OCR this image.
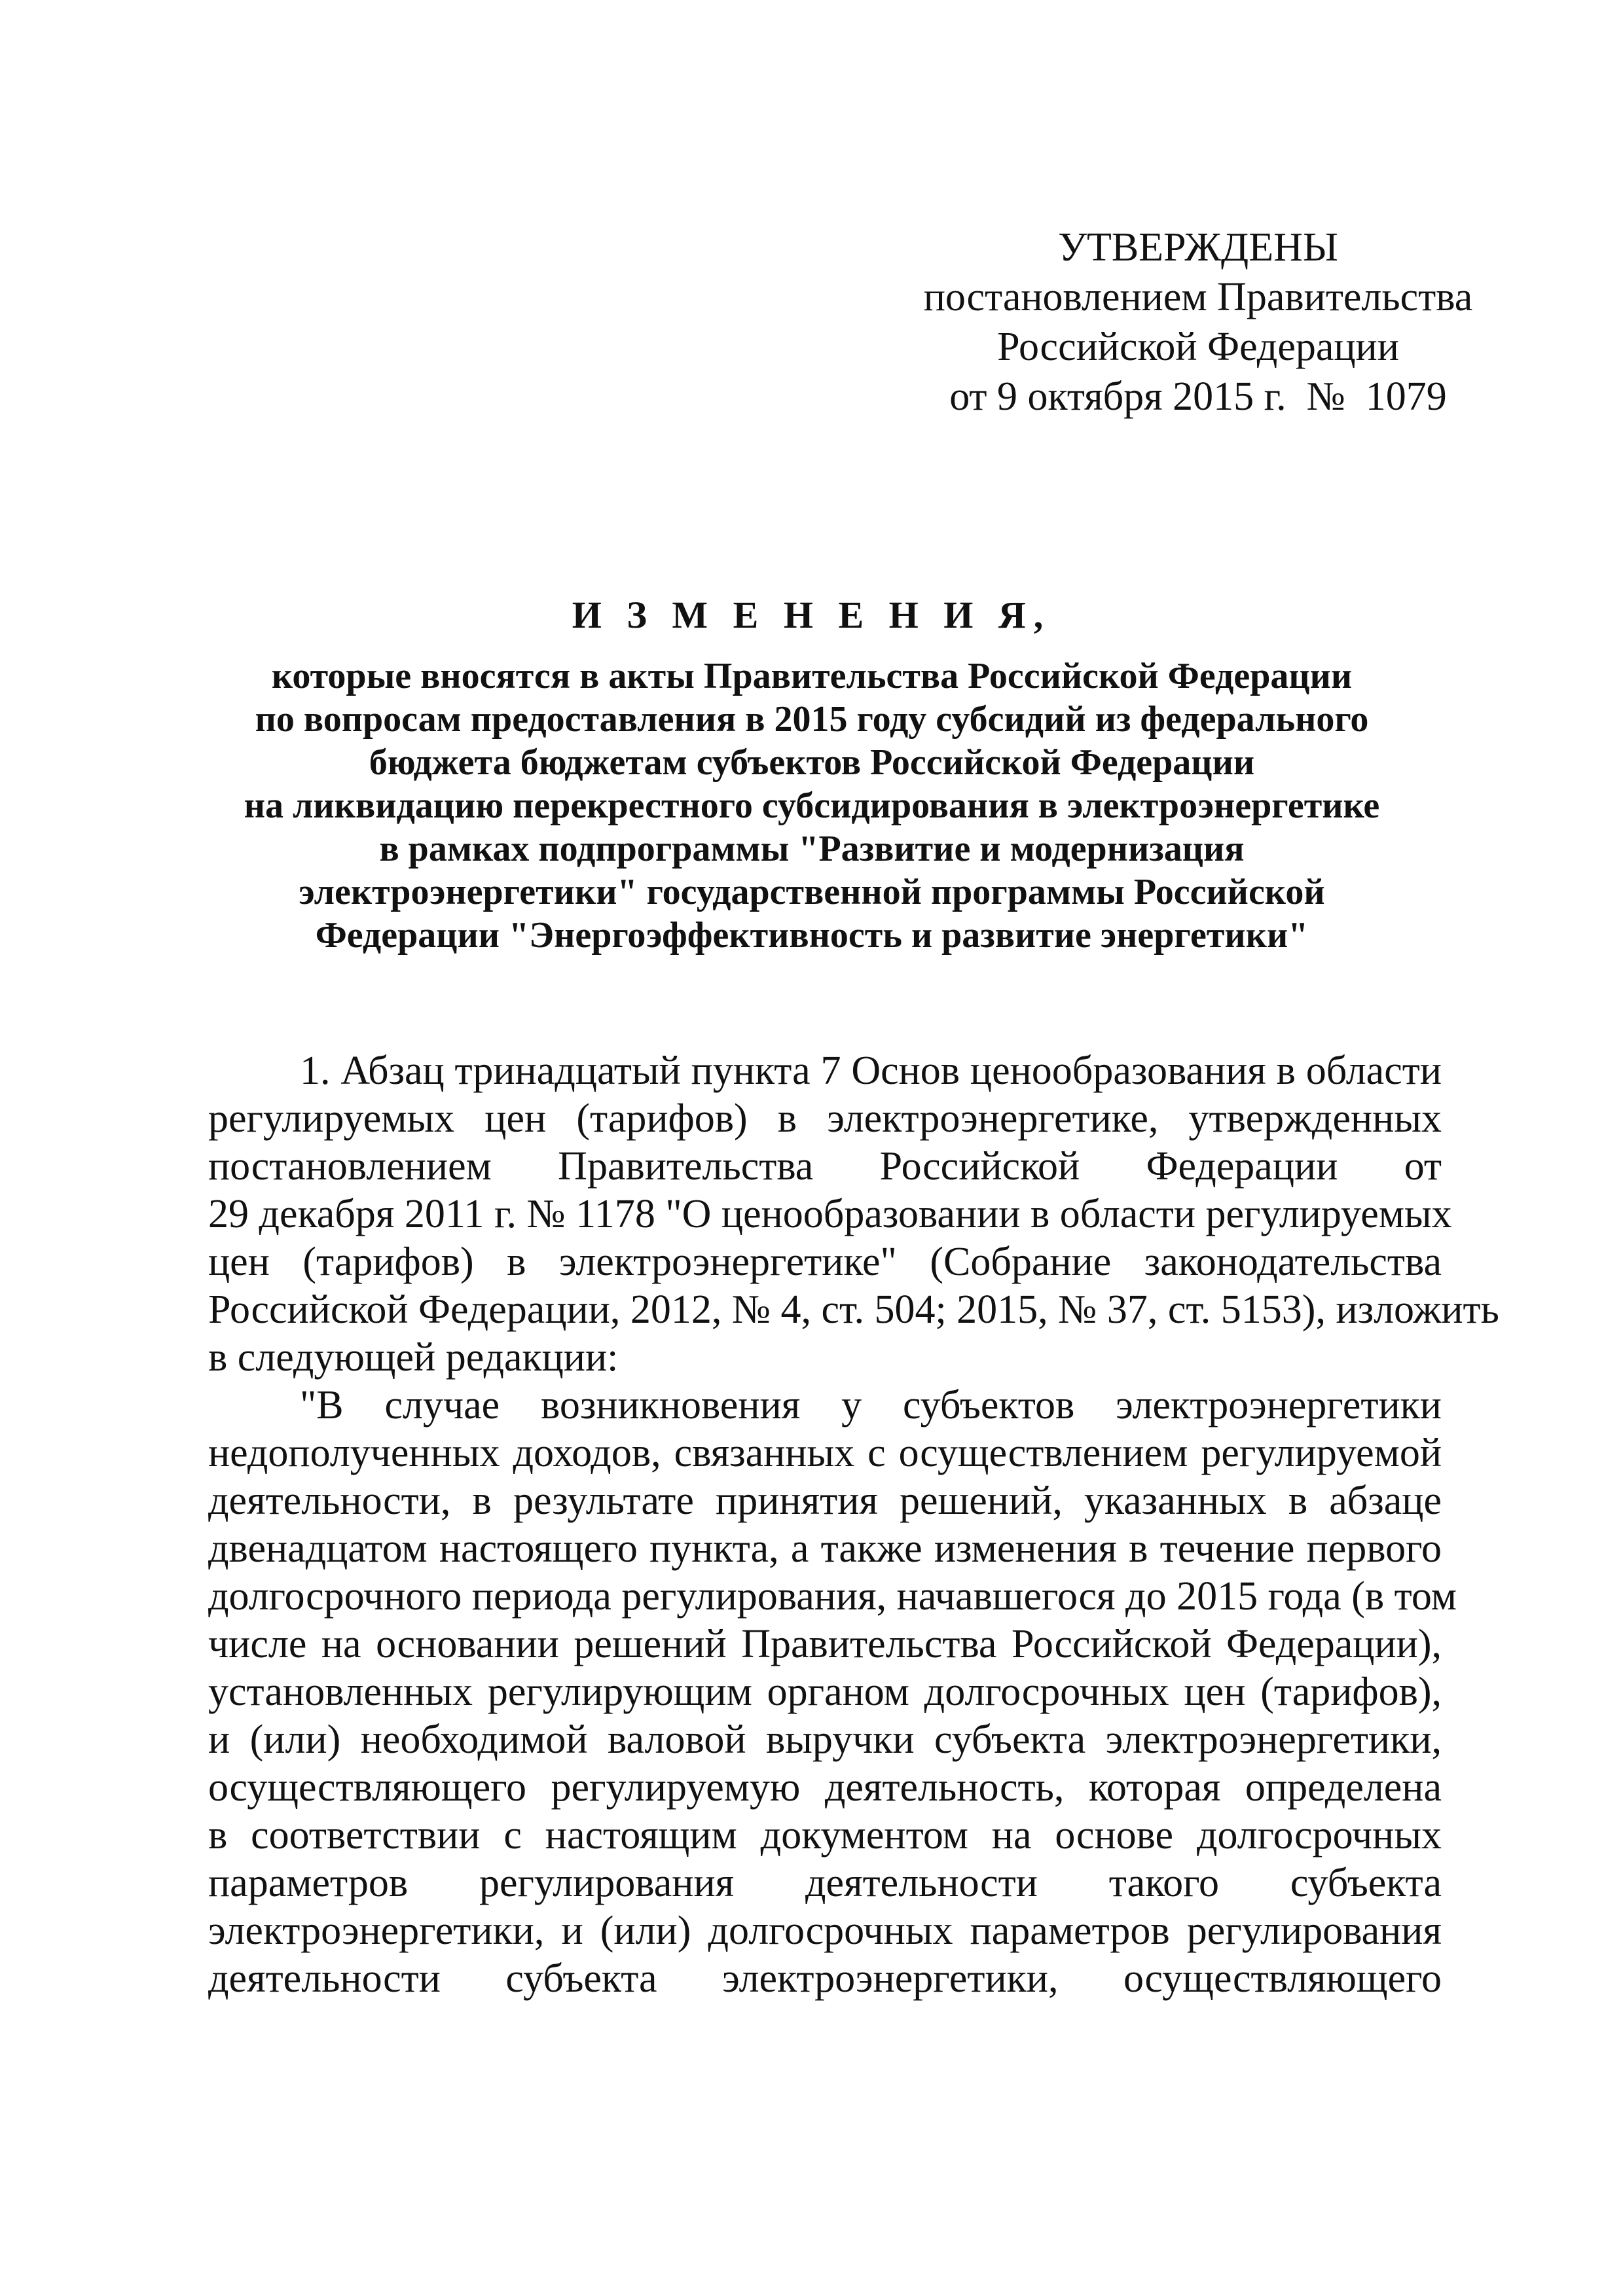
УТВЕРЖДЕНЫ
постановлением Правительства
Российской Федерации
от 9 октября 2015 г.  №  1079
И З М Е Н Е Н И Я,
которые вносятся в акты Правительства Российской Федерации
по вопросам предоставления в 2015 году субсидий из федерального
бюджета бюджетам субъектов Российской Федерации
на ликвидацию перекрестного субсидирования в электроэнергетике
в рамках подпрограммы "Развитие и модернизация
электроэнергетики" государственной программы Российской
Федерации "Энергоэффективность и развитие энергетики"
1. Абзац тринадцатый пункта 7 Основ ценообразования в области
регулируемых цен (тарифов) в электроэнергетике, утвержденных
постановлением Правительства Российской Федерации от
29 декабря 2011 г. № 1178 "О ценообразовании в области регулируемых
цен (тарифов) в электроэнергетике" (Собрание законодательства
Российской Федерации, 2012, № 4, ст. 504; 2015, № 37, ст. 5153), изложить
в следующей редакции:
"В случае возникновения у субъектов электроэнергетики
недополученных доходов, связанных с осуществлением регулируемой
деятельности, в результате принятия решений, указанных в абзаце
двенадцатом настоящего пункта, а также изменения в течение первого
долгосрочного периода регулирования, начавшегося до 2015 года (в том
числе на основании решений Правительства Российской Федерации),
установленных регулирующим органом долгосрочных цен (тарифов),
и (или) необходимой валовой выручки субъекта электроэнергетики,
осуществляющего регулируемую деятельность, которая определена
в соответствии с настоящим документом на основе долгосрочных
параметров регулирования деятельности такого субъекта
электроэнергетики, и (или) долгосрочных параметров регулирования
деятельности субъекта электроэнергетики, осуществляющего
